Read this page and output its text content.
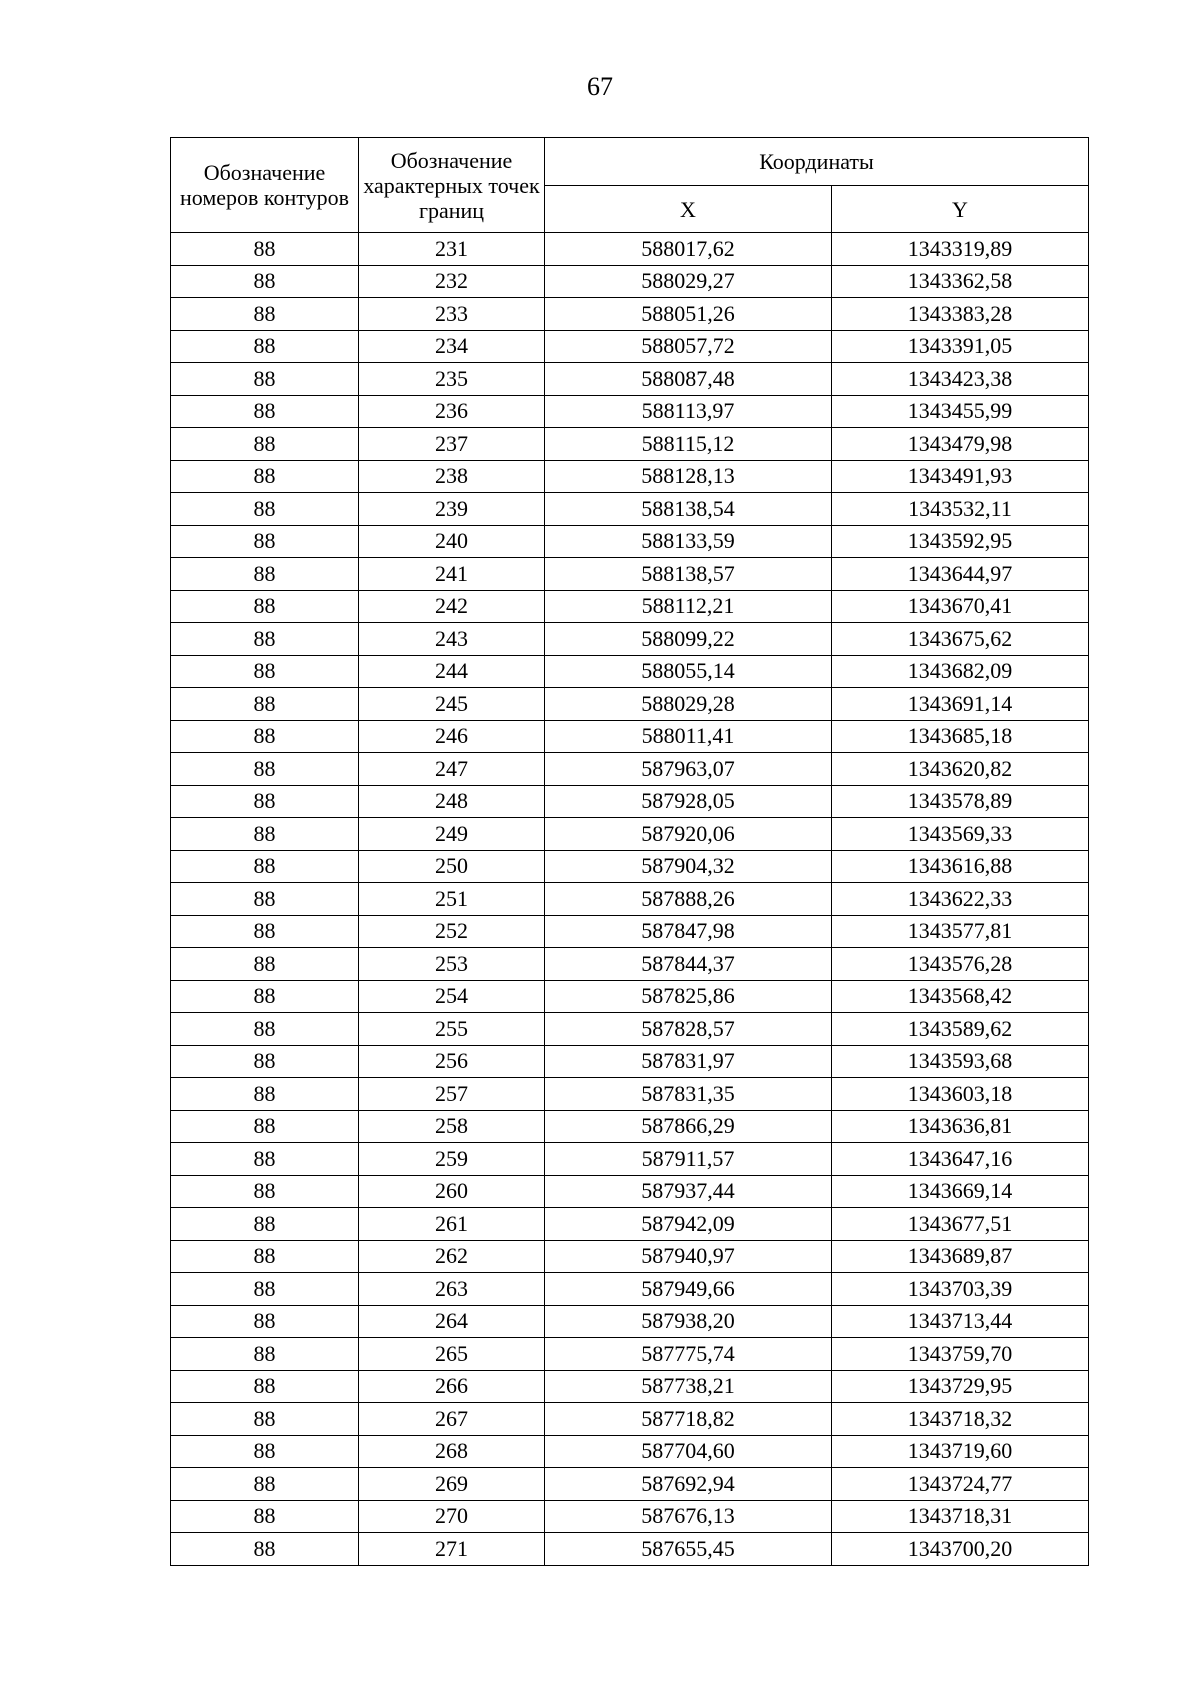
67
Обозначение номеров контуров	Обозначение характерных точек границ	Координаты	
		X	Y
88	231	588017,62	1343319,89
88	232	588029,27	1343362,58
88	233	588051,26	1343383,28
88	234	588057,72	1343391,05
88	235	588087,48	1343423,38
88	236	588113,97	1343455,99
88	237	588115,12	1343479,98
88	238	588128,13	1343491,93
88	239	588138,54	1343532,11
88	240	588133,59	1343592,95
88	241	588138,57	1343644,97
88	242	588112,21	1343670,41
88	243	588099,22	1343675,62
88	244	588055,14	1343682,09
88	245	588029,28	1343691,14
88	246	588011,41	1343685,18
88	247	587963,07	1343620,82
88	248	587928,05	1343578,89
88	249	587920,06	1343569,33
88	250	587904,32	1343616,88
88	251	587888,26	1343622,33
88	252	587847,98	1343577,81
88	253	587844,37	1343576,28
88	254	587825,86	1343568,42
88	255	587828,57	1343589,62
88	256	587831,97	1343593,68
88	257	587831,35	1343603,18
88	258	587866,29	1343636,81
88	259	587911,57	1343647,16
88	260	587937,44	1343669,14
88	261	587942,09	1343677,51
88	262	587940,97	1343689,87
88	263	587949,66	1343703,39
88	264	587938,20	1343713,44
88	265	587775,74	1343759,70
88	266	587738,21	1343729,95
88	267	587718,82	1343718,32
88	268	587704,60	1343719,60
88	269	587692,94	1343724,77
88	270	587676,13	1343718,31
88	271	587655,45	1343700,20
